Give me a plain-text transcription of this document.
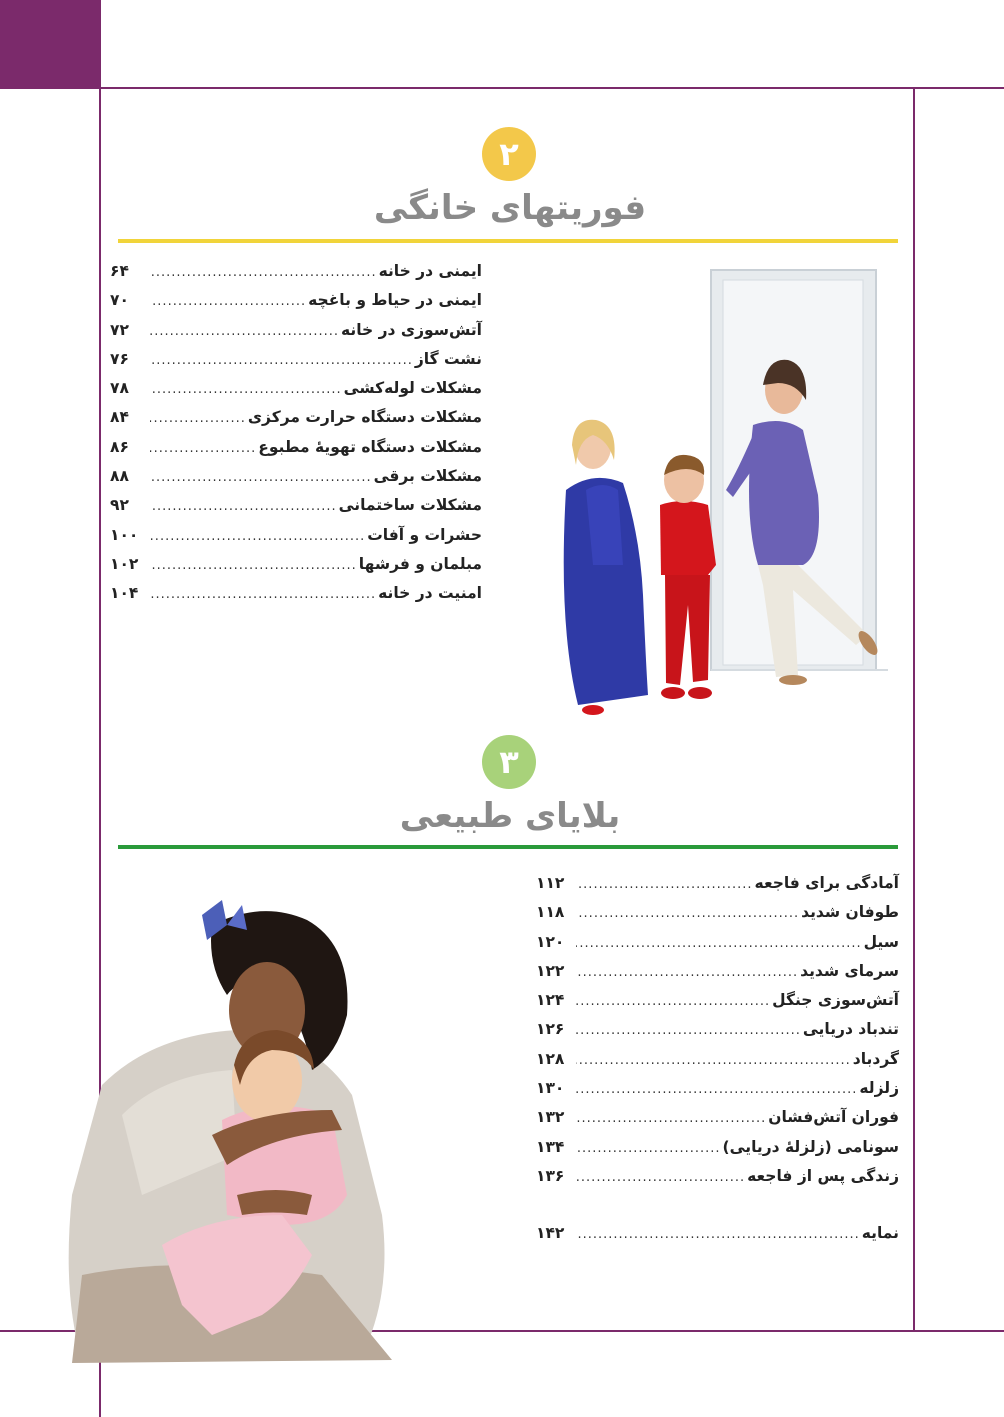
۲
فوریتهای خانگی
ایمنی در خانه
.....
۶۴
ایمنی در حیاط و باغچه
.....
۷۰
آتش‌سوزی در خانه
.....
۷۲
نشت گاز
.....
۷۶
مشکلات لوله‌کشی
.....
۷۸
مشکلات دستگاه حرارت مرکزی
.....
۸۴
مشکلات دستگاه تهویهٔ مطبوع
.....
۸۶
مشکلات برقی
.....
۸۸
مشکلات ساختمانی
.....
۹۲
حشرات و آفات
.....
۱۰۰
مبلمان و فرشها
.....
۱۰۲
امنیت در خانه
.....
۱۰۴
۳
بلایای طبیعی
آمادگی برای فاجعه
.....
۱۱۲
طوفان شدید
.....
۱۱۸
سیل
.....
۱۲۰
سرمای شدید
.....
۱۲۲
آتش‌سوزی جنگل
.....
۱۲۴
تندباد دریایی
.....
۱۲۶
گردباد
.....
۱۲۸
زلزله
.....
۱۳۰
فوران آتش‌فشان
.....
۱۳۲
سونامی (زلزلهٔ دریایی)
.....
۱۳۴
زندگی پس از فاجعه
.....
۱۳۶
نمایه
.....
۱۴۲
